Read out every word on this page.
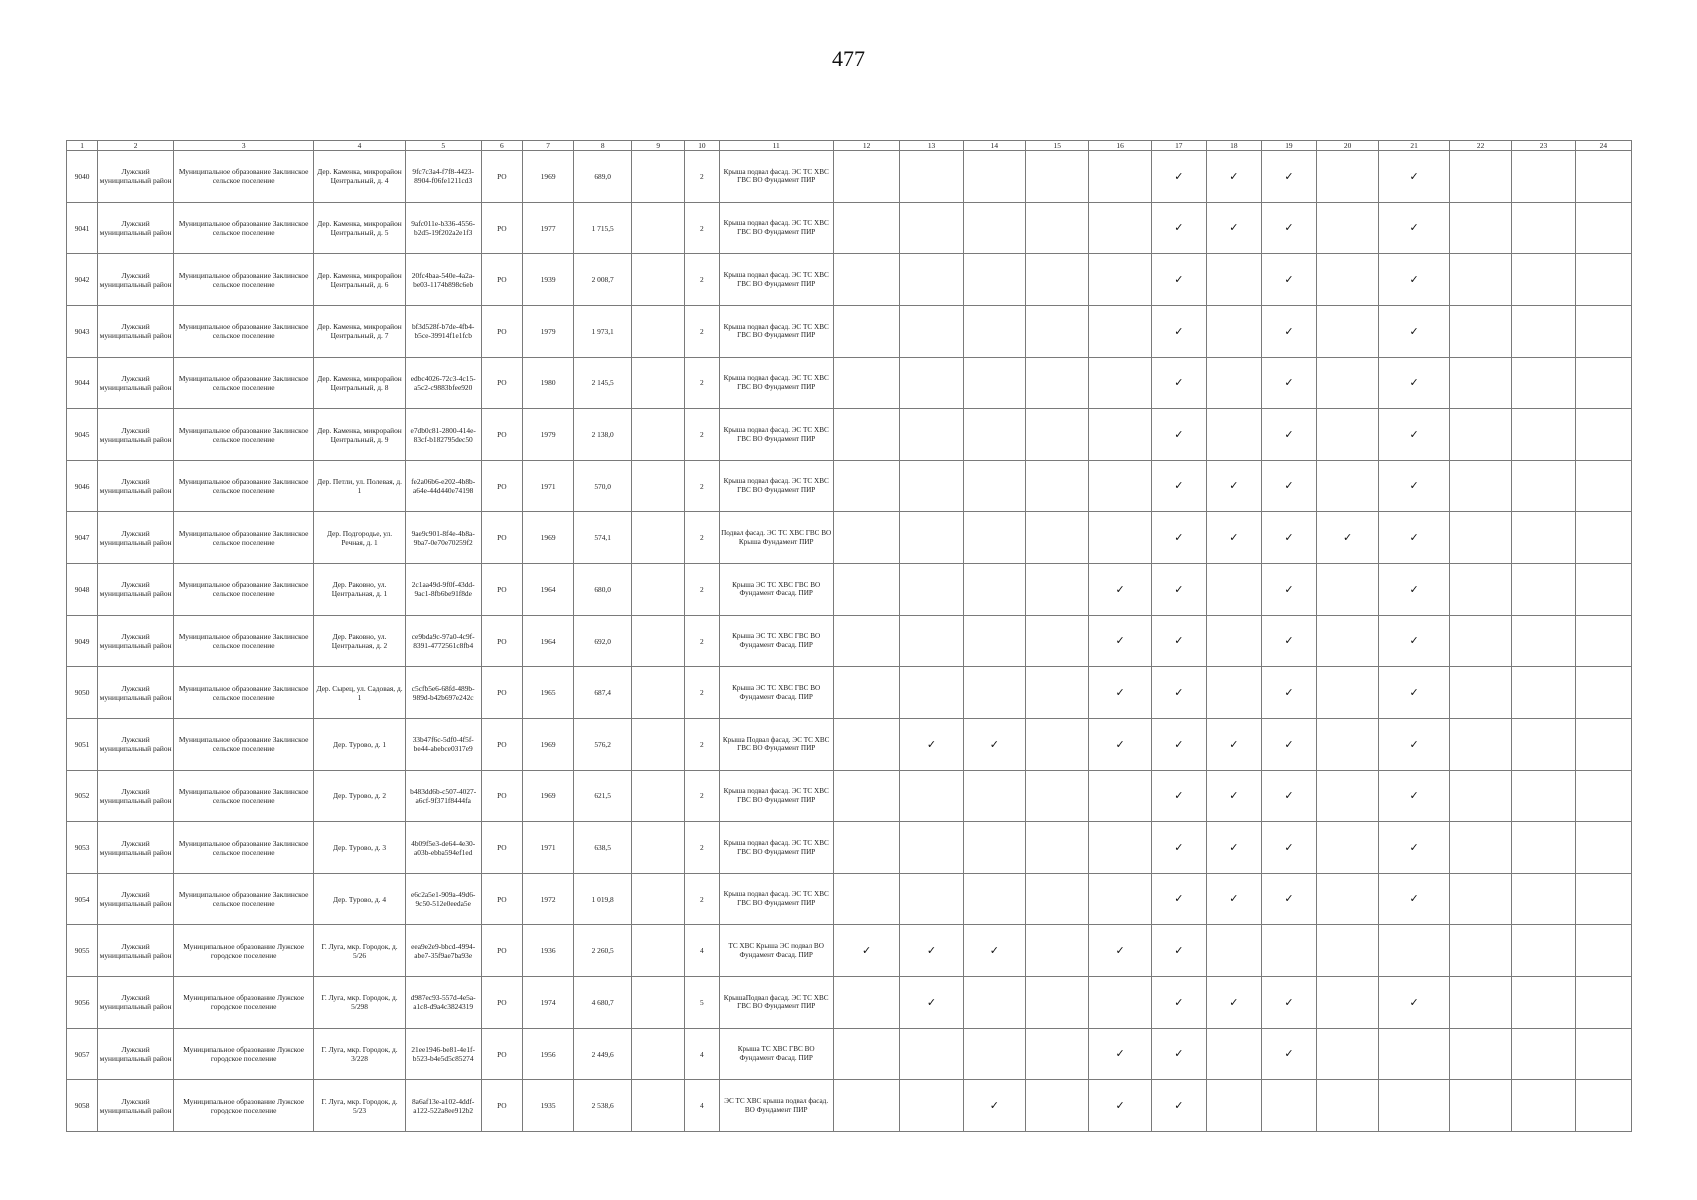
477
1	2	3	4	5	6	7	8	9	10	11	12	13	14	15	16	17	18	19	20	21	22	23	24
9040	Лужский муниципальный район	Муниципальное образование Заклинское сельское поселение	Дер. Каменка, микрорайон Центральный, д. 4	9fc7c3a4-f7f8-4423-8904-f06fe1211cd3	РО	1969	689,0		2	Крыша подвал фасад. ЭС ТС ХВС ГВС ВО Фундамент ПИР						✓	✓	✓		✓			
9041	Лужский муниципальный район	Муниципальное образование Заклинское сельское поселение	Дер. Каменка, микрорайон Центральный, д. 5	9afc011e-b336-4556-b2d5-19f202a2e1f3	РО	1977	1 715,5		2	Крыша подвал фасад. ЭС ТС ХВС ГВС ВО Фундамент ПИР						✓	✓	✓		✓			
9042	Лужский муниципальный район	Муниципальное образование Заклинское сельское поселение	Дер. Каменка, микрорайон Центральный, д. 6	20fc4baa-540e-4a2a-be03-1174b898c6eb	РО	1939	2 008,7		2	Крыша подвал фасад. ЭС ТС ХВС ГВС ВО Фундамент ПИР						✓		✓		✓			
9043	Лужский муниципальный район	Муниципальное образование Заклинское сельское поселение	Дер. Каменка, микрорайон Центральный, д. 7	bf3d528f-b7de-4fb4-b5ce-39914f1e1fcb	РО	1979	1 973,1		2	Крыша подвал фасад. ЭС ТС ХВС ГВС ВО Фундамент ПИР						✓		✓		✓			
9044	Лужский муниципальный район	Муниципальное образование Заклинское сельское поселение	Дер. Каменка, микрорайон Центральный, д. 8	edbc4026-72c3-4c15-a5c2-c9883bfee920	РО	1980	2 145,5		2	Крыша подвал фасад. ЭС ТС ХВС ГВС ВО Фундамент ПИР						✓		✓		✓			
9045	Лужский муниципальный район	Муниципальное образование Заклинское сельское поселение	Дер. Каменка, микрорайон Центральный, д. 9	e7db0c81-2800-414e-83cf-b182795dec50	РО	1979	2 138,0		2	Крыша подвал фасад. ЭС ТС ХВС ГВС ВО Фундамент ПИР						✓		✓		✓			
9046	Лужский муниципальный район	Муниципальное образование Заклинское сельское поселение	Дер. Петли, ул. Полевая, д. 1	fe2a06b6-e202-4b8b-a64e-44d440e74198	РО	1971	570,0		2	Крыша подвал фасад. ЭС ТС ХВС ГВС ВО Фундамент ПИР						✓	✓	✓		✓			
9047	Лужский муниципальный район	Муниципальное образование Заклинское сельское поселение	Дер. Подгородье, ул. Речная, д. 1	9ae9c901-8f4e-4b8a-9ba7-0e70e70259f2	РО	1969	574,1		2	Подвал фасад. ЭС ТС ХВС ГВС ВО Крыша Фундамент ПИР						✓	✓	✓	✓	✓			
9048	Лужский муниципальный район	Муниципальное образование Заклинское сельское поселение	Дер. Раковно, ул. Центральная, д. 1	2c1aa49d-9f0f-43dd-9ac1-8fb6be91f8de	РО	1964	680,0		2	Крыша ЭС ТС ХВС ГВС ВО Фундамент Фасад. ПИР					✓	✓		✓		✓			
9049	Лужский муниципальный район	Муниципальное образование Заклинское сельское поселение	Дер. Раковно, ул. Центральная, д. 2	ce9bda9c-97a0-4c9f-8391-4772561c8fb4	РО	1964	692,0		2	Крыша ЭС ТС ХВС ГВС ВО Фундамент Фасад. ПИР					✓	✓		✓		✓			
9050	Лужский муниципальный район	Муниципальное образование Заклинское сельское поселение	Дер. Сырец, ул. Садовая, д. 1	c5cfb5e6-68fd-489b-989d-b42b697e242c	РО	1965	687,4		2	Крыша ЭС ТС ХВС ГВС ВО Фундамент Фасад. ПИР					✓	✓		✓		✓			
9051	Лужский муниципальный район	Муниципальное образование Заклинское сельское поселение	Дер. Турово, д. 1	33b47f6c-5df0-4f5f-be44-abebce0317e9	РО	1969	576,2		2	Крыша Подвал фасад. ЭС ТС ХВС ГВС ВО Фундамент ПИР		✓	✓		✓	✓	✓	✓		✓			
9052	Лужский муниципальный район	Муниципальное образование Заклинское сельское поселение	Дер. Турово, д. 2	b483dd6b-c507-4027-a6cf-9f371f8444fa	РО	1969	621,5		2	Крыша подвал фасад. ЭС ТС ХВС ГВС ВО Фундамент ПИР						✓	✓	✓		✓			
9053	Лужский муниципальный район	Муниципальное образование Заклинское сельское поселение	Дер. Турово, д. 3	4b09f5e3-de64-4e30-a03b-ebba594ef1ed	РО	1971	638,5		2	Крыша подвал фасад. ЭС ТС ХВС ГВС ВО Фундамент ПИР						✓	✓	✓		✓			
9054	Лужский муниципальный район	Муниципальное образование Заклинское сельское поселение	Дер. Турово, д. 4	e6c2a5e1-909a-49d6-9c50-512e0eeda5e	РО	1972	1 019,8		2	Крыша подвал фасад. ЭС ТС ХВС ГВС ВО Фундамент ПИР						✓	✓	✓		✓			
9055	Лужский муниципальный район	Муниципальное образование Лужское городское поселение	Г. Луга, мкр. Городок, д. 5/26	eea9e2e9-bbcd-4994-abe7-35f9ae7ba93e	РО	1936	2 260,5		4	ТС ХВС Крыша ЭС подвал ВО Фундамент Фасад. ПИР	✓	✓	✓		✓	✓							
9056	Лужский муниципальный район	Муниципальное образование Лужское городское поселение	Г. Луга, мкр. Городок, д. 5/298	d987ec93-557d-4e5a-a1c8-d9a4c3824319	РО	1974	4 680,7		5	КрышаПодвал фасад. ЭС ТС ХВС ГВС ВО Фундамент ПИР		✓				✓	✓	✓		✓			
9057	Лужский муниципальный район	Муниципальное образование Лужское городское поселение	Г. Луга, мкр. Городок, д. 3/228	21ee1946-be81-4e1f-b523-b4e5d5c85274	РО	1956	2 449,6		4	Крыша ТС ХВС ГВС ВО Фундамент Фасад. ПИР					✓	✓		✓					
9058	Лужский муниципальный район	Муниципальное образование Лужское городское поселение	Г. Луга, мкр. Городок, д. 5/23	8a6af13e-a102-4ddf-a122-522a8ee912b2	РО	1935	2 538,6		4	ЭС ТС ХВС крыша подвал фасад. ВО Фундамент ПИР			✓		✓	✓							
